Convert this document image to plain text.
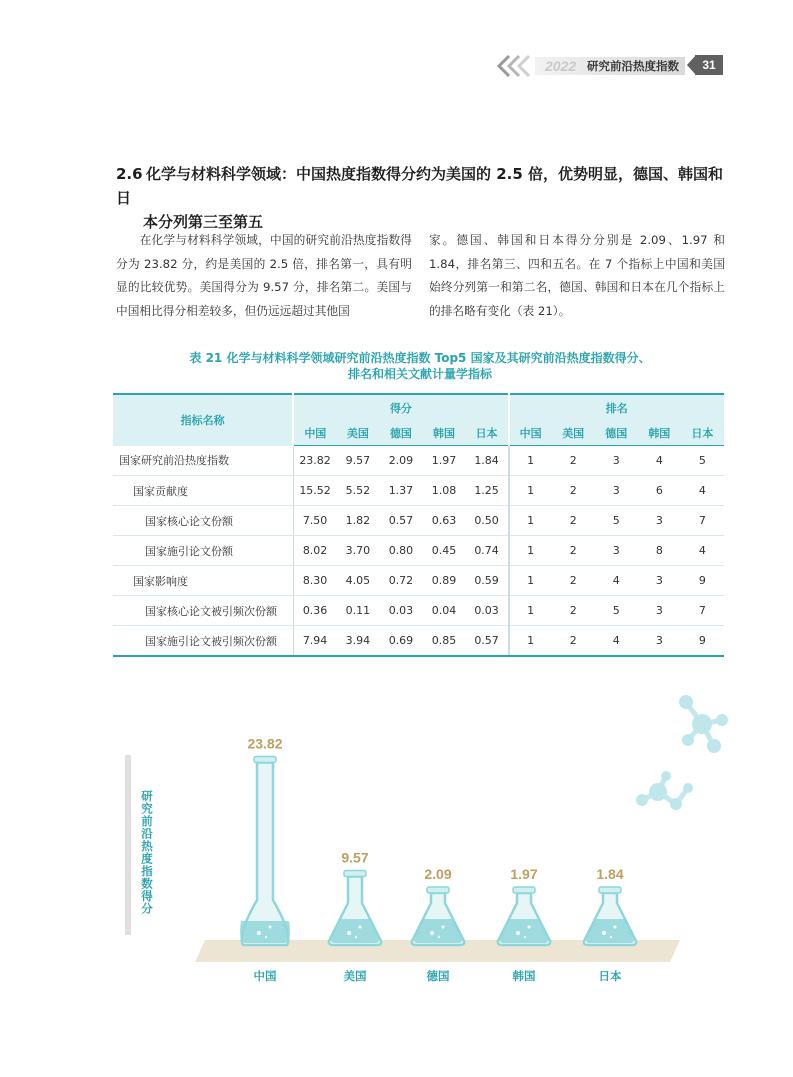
2022 研究前沿热度指数	31
2.6 化学与材料科学领域：中国热度指数得分约为美国的 2.5 倍，优势明显，德国、韩国和日
本分列第三至第五
　　在化学与材料科学领域，中国的研究前沿热度指数得分为 23.82 分，约是美国的 2.5 倍，排名第一，具有明显的比较优势。美国得分为 9.57 分，排名第二。美国与中国相比得分相差较多，但仍远远超过其他国
家。德国、韩国和日本得分分别是 2.09、1.97 和 1.84，排名第三、四和五名。在 7 个指标上中国和美国始终分列第一和第二名，德国、韩国和日本在几个指标上的排名略有变化（表 21）。
表 21 化学与材料科学领域研究前沿热度指数 Top5 国家及其研究前沿热度指数得分、
排名和相关文献计量学指标
指标名称	得分					排名				
	中国	美国	德国	韩国	日本	中国	美国	德国	韩国	日本
国家研究前沿热度指数	23.82	9.57	2.09	1.97	1.84	1	2	3	4	5
国家贡献度	15.52	5.52	1.37	1.08	1.25	1	2	3	6	4
国家核心论文份额	7.50	1.82	0.57	0.63	0.50	1	2	5	3	7
国家施引论文份额	8.02	3.70	0.80	0.45	0.74	1	2	3	8	4
国家影响度	8.30	4.05	0.72	0.89	0.59	1	2	4	3	9
国家核心论文被引频次份额	0.36	0.11	0.03	0.04	0.03	1	2	5	3	7
国家施引论文被引频次份额	7.94	3.94	0.69	0.85	0.57	1	2	4	3	9
研究前沿热度指数得分
23.82
中国
9.57
美国
2.09
德国
1.97
韩国
1.84
日本
